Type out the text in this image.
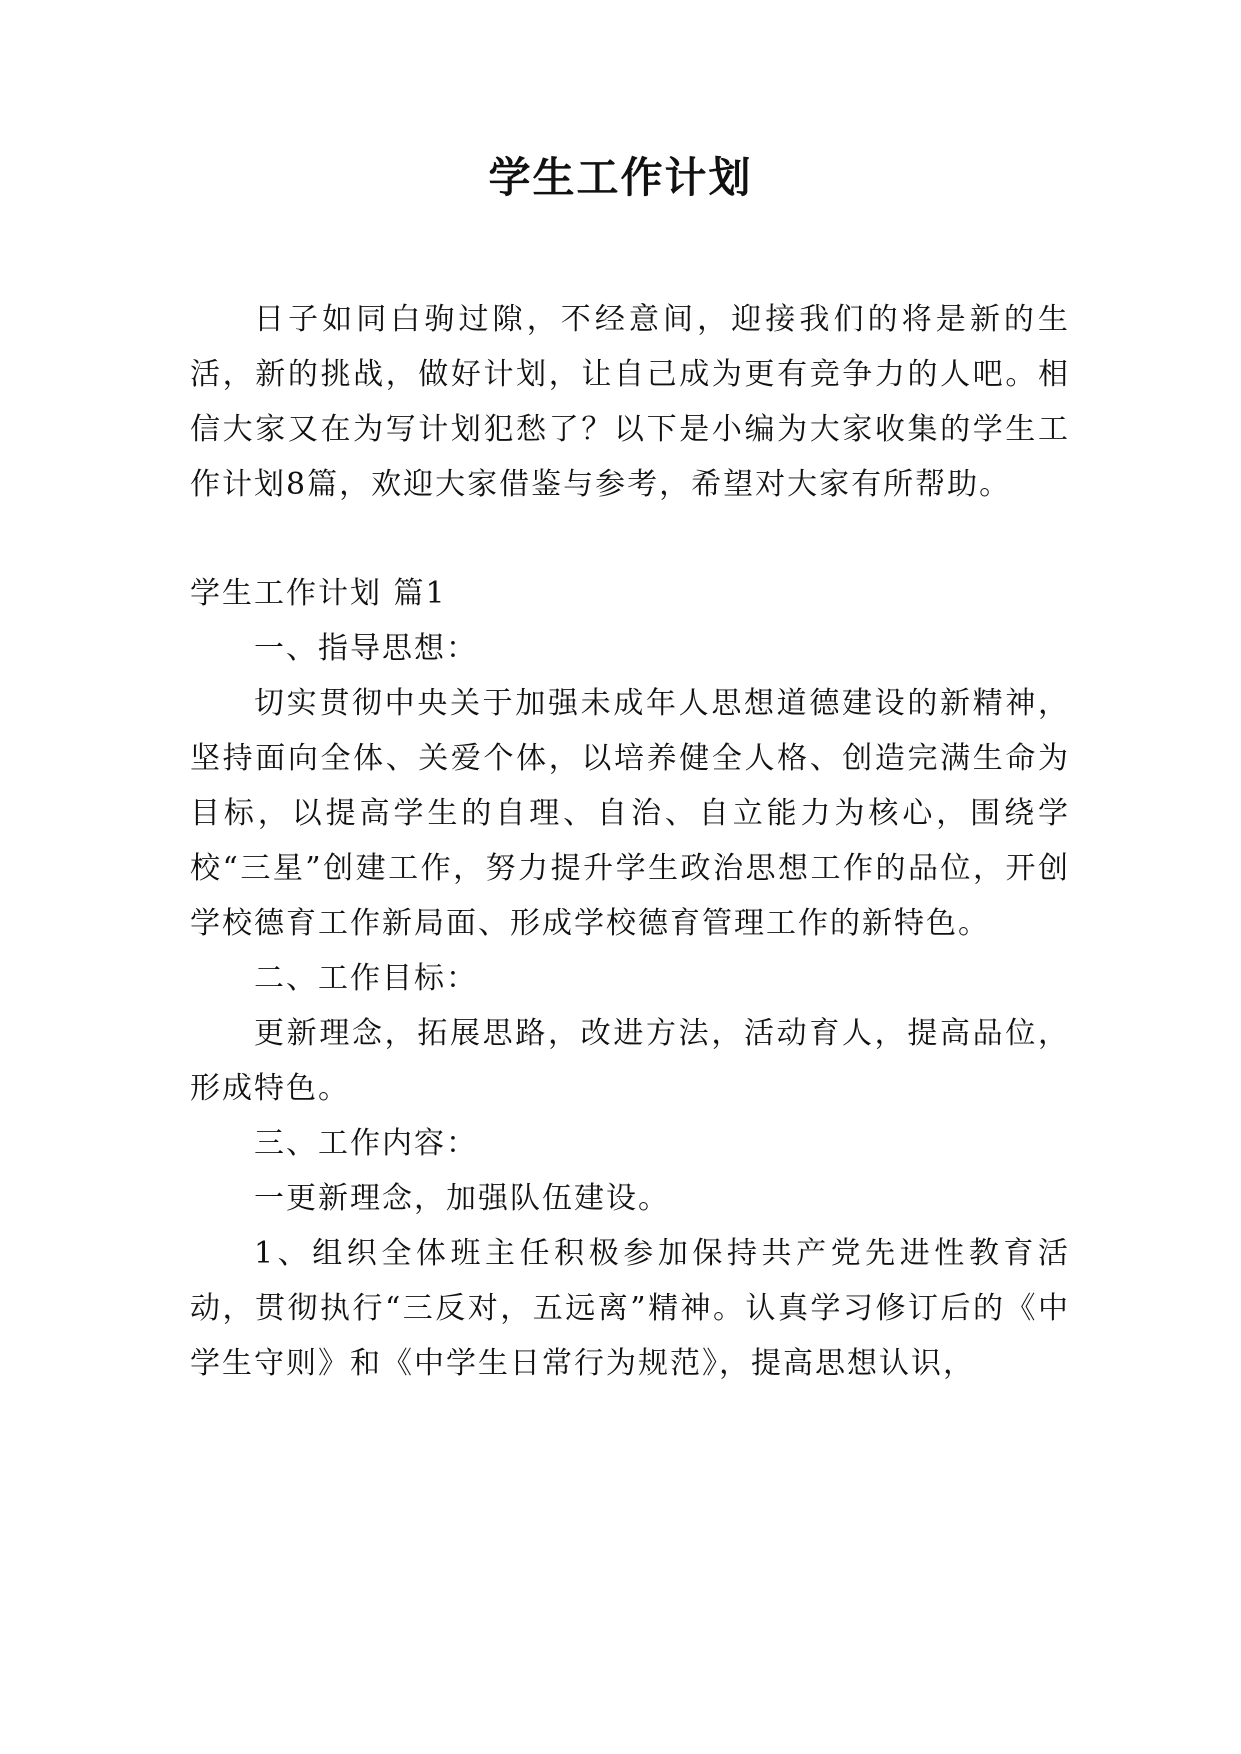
学生工作计划

日子如同白驹过隙，不经意间，迎接我们的将是新的生活，新的挑战，做好计划，让自己成为更有竞争力的人吧。相信大家又在为写计划犯愁了？以下是小编为大家收集的学生工作计划8篇，欢迎大家借鉴与参考，希望对大家有所帮助。

学生工作计划 篇1

一、指导思想：

切实贯彻中央关于加强未成年人思想道德建设的新精神，坚持面向全体、关爱个体，以培养健全人格、创造完满生命为目标，以提高学生的自理、自治、自立能力为核心，围绕学校“三星”创建工作，努力提升学生政治思想工作的品位，开创学校德育工作新局面、形成学校德育管理工作的新特色。

二、工作目标：

更新理念，拓展思路，改进方法，活动育人，提高品位，形成特色。

三、工作内容：

一更新理念，加强队伍建设。

1、组织全体班主任积极参加保持共产党先进性教育活动，贯彻执行“三反对，五远离”精神。认真学习修订后的《中学生守则》和《中学生日常行为规范》，提高思想认识，
